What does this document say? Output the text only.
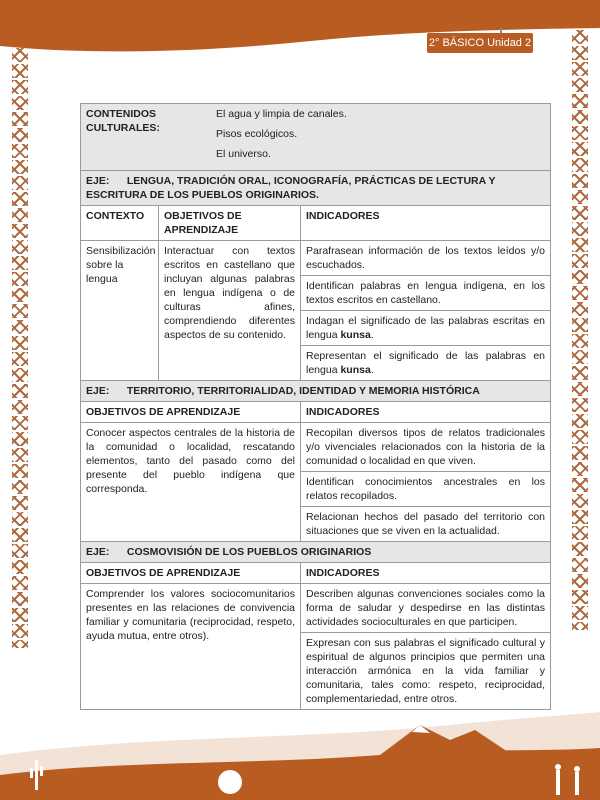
2° BÁSICO Unidad 2
CONTENIDOS CULTURALES:
El agua y limpia de canales.
Pisos ecológicos.
El universo.		

EJE: LENGUA, TRADICIÓN ORAL, ICONOGRAFÍA, PRÁCTICAS DE LECTURA Y ESCRITURA DE LOS PUEBLOS ORIGINARIOS.		
CONTEXTO	OBJETIVOS DE APRENDIZAJE	INDICADORES
Sensibilización sobre la lengua	Interactuar con textos escritos en castellano que incluyan algunas palabras en lengua indígena o de culturas afines, comprendiendo diferentes aspectos de su contenido.	Parafrasean información de los textos leídos y/o escuchados.
		Identifican palabras en lengua indígena, en los textos escritos en castellano.
		Indagan el significado de las palabras escritas en lengua kunsa.
		Representan el significado de las palabras en lengua kunsa.
EJE: TERRITORIO, TERRITORIALIDAD, IDENTIDAD Y MEMORIA HISTÓRICA		
OBJETIVOS DE APRENDIZAJE		INDICADORES
Conocer aspectos centrales de la historia de la comunidad o localidad, rescatando elementos, tanto del pasado como del presente del pueblo indígena que corresponda.		Recopilan diversos tipos de relatos tradicionales y/o vivenciales relacionados con la historia de la comunidad o localidad en que viven.
		Identifican conocimientos ancestrales en los relatos recopilados.
		Relacionan hechos del pasado del territorio con situaciones que se viven en la actualidad.
EJE: COSMOVISIÓN DE LOS PUEBLOS ORIGINARIOS		
OBJETIVOS DE APRENDIZAJE		INDICADORES
Comprender los valores sociocomunitarios presentes en las relaciones de convivencia familiar y comunitaria (reciprocidad, respeto, ayuda mutua, entre otros).		Describen algunas convenciones sociales como la forma de saludar y despedirse en las distintas actividades socioculturales en que participen.
		Expresan con sus palabras el significado cultural y espiritual de algunos principios que permiten una interacción armónica en la vida familiar y comunitaria, tales como: respeto, reciprocidad, complementariedad, entre otros.
